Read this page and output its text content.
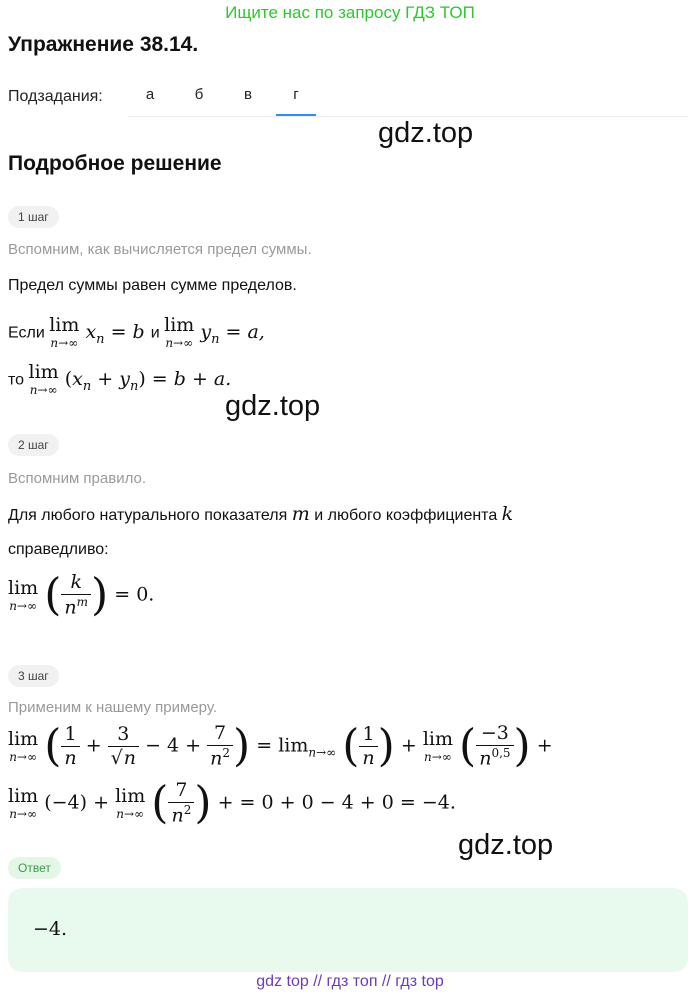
Ищите нас по запросу ГДЗ ТОП
Упражнение 38.14.
Подзадания:	а	б	в	г
gdz.top
gdz.top
gdz.top
Подробное решение
1 шаг
Вспомним, как вычисляется предел суммы.
Предел суммы равен сумме пределов.
Если lim
n→∞
$x_n = b$ и lim
n→∞
$y_n = a$,
то lim
n→∞
$(x_n + y_n) = b + a$.
2 шаг
Вспомним правило.
Для любого натурального показателя m и любого коэффициента k
справедливо:
lim
n→∞ ( $\frac{k}{n^m}$ ) = 0.
3 шаг
Применим к нашему примеру.
lim
n→∞ ( $\frac{1}{n} + \frac{3}{√n} - 4 + \frac{7}{n^2}$ ) = $\lim_{n\to\infty}$ ( $\frac{1}{n}$ ) + lim
n→∞ ( $\frac{-3}{n^{0,5}}$ ) +
lim
n→∞
(−4) + lim
n→∞ ( $\frac{7}{n^2}$ ) + = 0 + 0 − 4 + 0 = −4.
Ответ
−4.
gdz top // гдз топ // гдз top
